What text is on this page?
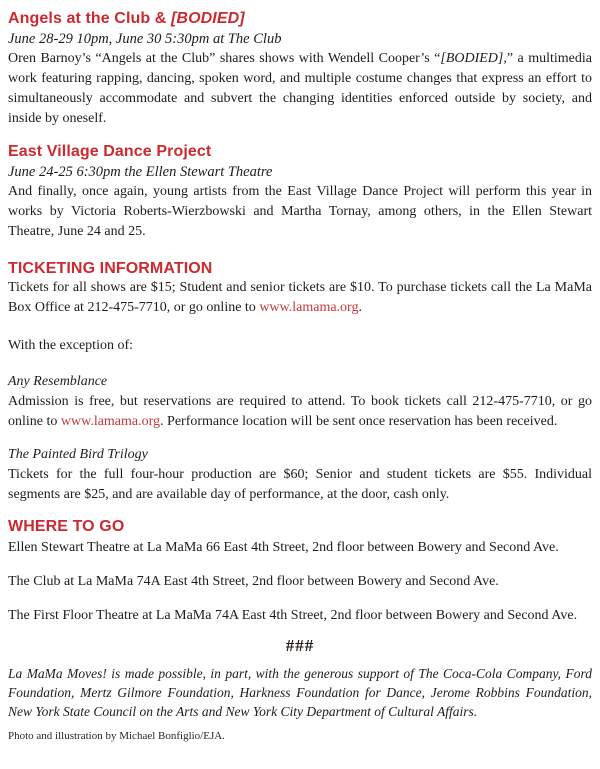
Angels at the Club & [BODIED]

June 28-29 10pm, June 30 5:30pm at The Club

Oren Barnoy’s “Angels at the Club” shares shows with Wendell Cooper’s “[BODIED],” a multimedia work featuring rapping, dancing, spoken word, and multiple costume changes that express an effort to simultaneously accommodate and subvert the changing identities enforced outside by society, and inside by oneself.

East Village Dance Project

June 24-25 6:30pm the Ellen Stewart Theatre

And finally, once again, young artists from the East Village Dance Project will perform this year in works by Victoria Roberts-Wierzbowski and Martha Tornay, among others, in the Ellen Stewart Theatre, June 24 and 25.

TICKETING INFORMATION

Tickets for all shows are $15; Student and senior tickets are $10. To purchase tickets call the La MaMa Box Office at 212-475-7710, or go online to www.lamama.org.

With the exception of:

Any Resemblance

Admission is free, but reservations are required to attend. To book tickets call 212-475-7710, or go online to www.lamama.org. Performance location will be sent once reservation has been received.

The Painted Bird Trilogy

Tickets for the full four-hour production are $60; Senior and student tickets are $55. Individual segments are $25, and are available day of performance, at the door, cash only.

WHERE TO GO

Ellen Stewart Theatre at La MaMa 66 East 4th Street, 2nd floor between Bowery and Second Ave.

The Club at La MaMa 74A East 4th Street, 2nd floor between Bowery and Second Ave.

The First Floor Theatre at La MaMa 74A East 4th Street, 2nd floor between Bowery and Second Ave.

###

La MaMa Moves! is made possible, in part, with the generous support of The Coca-Cola Company, Ford Foundation, Mertz Gilmore Foundation, Harkness Foundation for Dance, Jerome Robbins Foundation, New York State Council on the Arts and New York City Department of Cultural Affairs.

Photo and illustration by Michael Bonfiglio/EJA.
